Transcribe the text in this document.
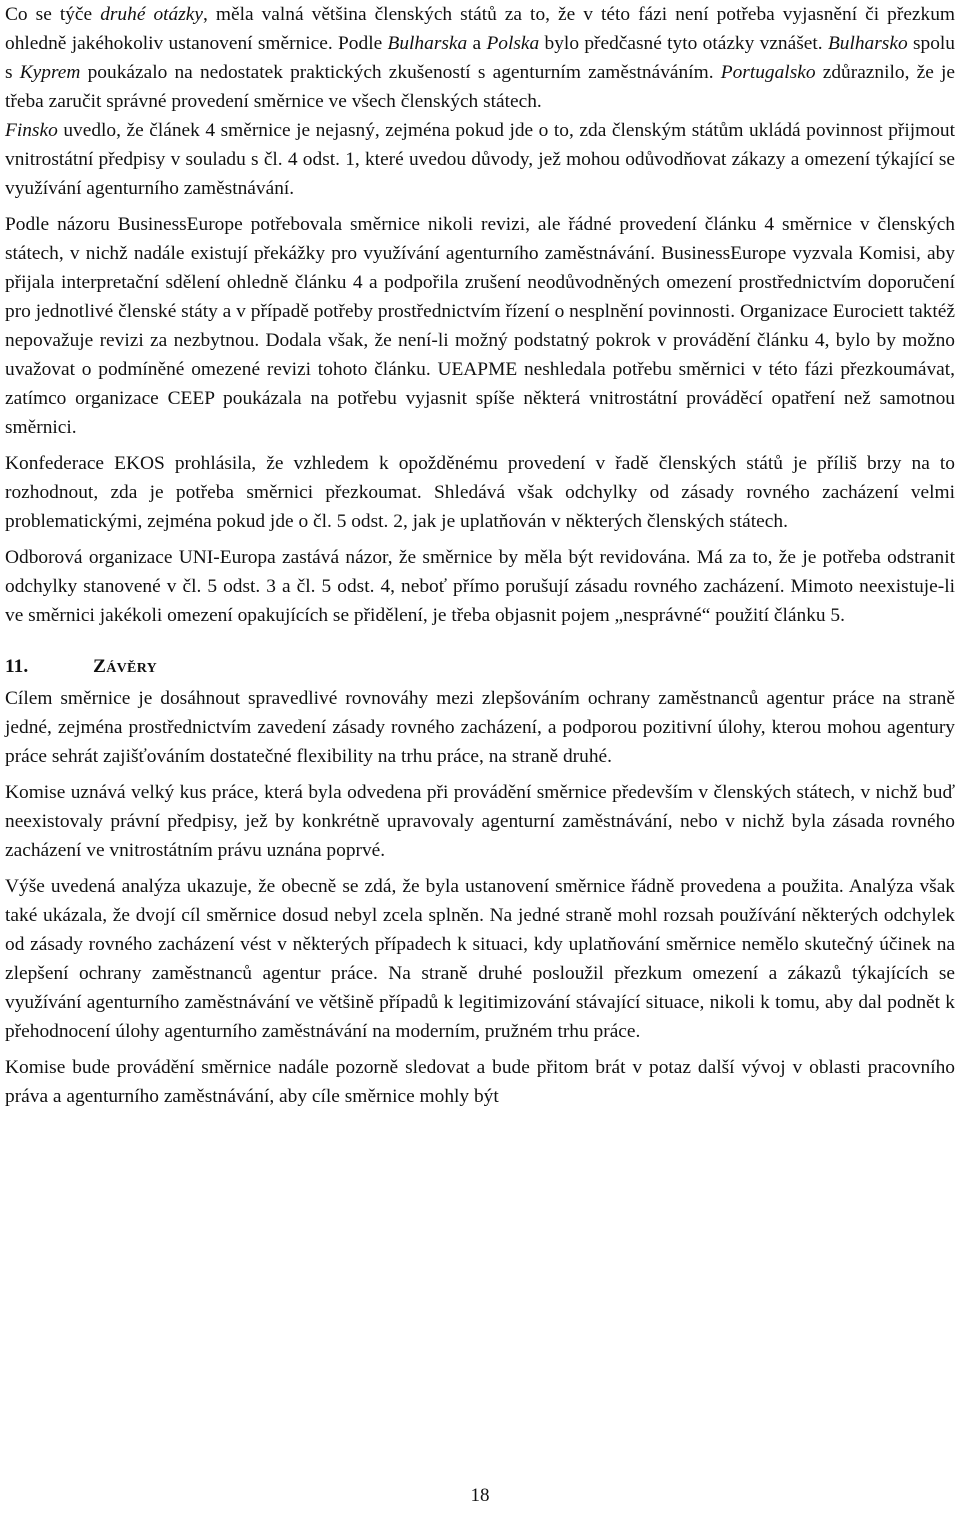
Co se týče druhé otázky, měla valná většina členských států za to, že v této fázi není potřeba vyjasnění či přezkum ohledně jakéhokoliv ustanovení směrnice. Podle Bulharska a Polska bylo předčasné tyto otázky vznášet. Bulharsko spolu s Kyprem poukázalo na nedostatek praktických zkušeností s agenturním zaměstnáváním. Portugalsko zdůraznilo, že je třeba zaručit správné provedení směrnice ve všech členských státech.
Finsko uvedlo, že článek 4 směrnice je nejasný, zejména pokud jde o to, zda členským státům ukládá povinnost přijmout vnitrostátní předpisy v souladu s čl. 4 odst. 1, které uvedou důvody, jež mohou odůvodňovat zákazy a omezení týkající se využívání agenturního zaměstnávání.

Podle názoru BusinessEurope potřebovala směrnice nikoli revizi, ale řádné provedení článku 4 směrnice v členských státech, v nichž nadále existují překážky pro využívání agenturního zaměstnávání. BusinessEurope vyzvala Komisi, aby přijala interpretační sdělení ohledně článku 4 a podpořila zrušení neodůvodněných omezení prostřednictvím doporučení pro jednotlivé členské státy a v případě potřeby prostřednictvím řízení o nesplnění povinnosti. Organizace Eurociett taktéž nepovažuje revizi za nezbytnou. Dodala však, že není-li možný podstatný pokrok v provádění článku 4, bylo by možno uvažovat o podmíněné omezené revizi tohoto článku. UEAPME neshledala potřebu směrnici v této fázi přezkoumávat, zatímco organizace CEEP poukázala na potřebu vyjasnit spíše některá vnitrostátní prováděcí opatření než samotnou směrnici.

Konfederace EKOS prohlásila, že vzhledem k opožděnému provedení v řadě členských států je příliš brzy na to rozhodnout, zda je potřeba směrnici přezkoumat. Shledává však odchylky od zásady rovného zacházení velmi problematickými, zejména pokud jde o čl. 5 odst. 2, jak je uplatňován v některých členských státech.

Odborová organizace UNI-Europa zastává názor, že směrnice by měla být revidována. Má za to, že je potřeba odstranit odchylky stanovené v čl. 5 odst. 3 a čl. 5 odst. 4, neboť přímo porušují zásadu rovného zacházení. Mimoto neexistuje-li ve směrnici jakékoli omezení opakujících se přidělení, je třeba objasnit pojem „nesprávné“ použití článku 5.

11.	Závěry

Cílem směrnice je dosáhnout spravedlivé rovnováhy mezi zlepšováním ochrany zaměstnanců agentur práce na straně jedné, zejména prostřednictvím zavedení zásady rovného zacházení, a podporou pozitivní úlohy, kterou mohou agentury práce sehrát zajišťováním dostatečné flexibility na trhu práce, na straně druhé.

Komise uznává velký kus práce, která byla odvedena při provádění směrnice především v členských státech, v nichž buď neexistovaly právní předpisy, jež by konkrétně upravovaly agenturní zaměstnávání, nebo v nichž byla zásada rovného zacházení ve vnitrostátním právu uznána poprvé.

Výše uvedená analýza ukazuje, že obecně se zdá, že byla ustanovení směrnice řádně provedena a použita. Analýza však také ukázala, že dvojí cíl směrnice dosud nebyl zcela splněn. Na jedné straně mohl rozsah používání některých odchylek od zásady rovného zacházení vést v některých případech k situaci, kdy uplatňování směrnice nemělo skutečný účinek na zlepšení ochrany zaměstnanců agentur práce. Na straně druhé posloužil přezkum omezení a zákazů týkajících se využívání agenturního zaměstnávání ve většině případů k legitimizování stávající situace, nikoli k tomu, aby dal podnět k přehodnocení úlohy agenturního zaměstnávání na moderním, pružném trhu práce.

Komise bude provádění směrnice nadále pozorně sledovat a bude přitom brát v potaz další vývoj v oblasti pracovního práva a agenturního zaměstnávání, aby cíle směrnice mohly být

18
